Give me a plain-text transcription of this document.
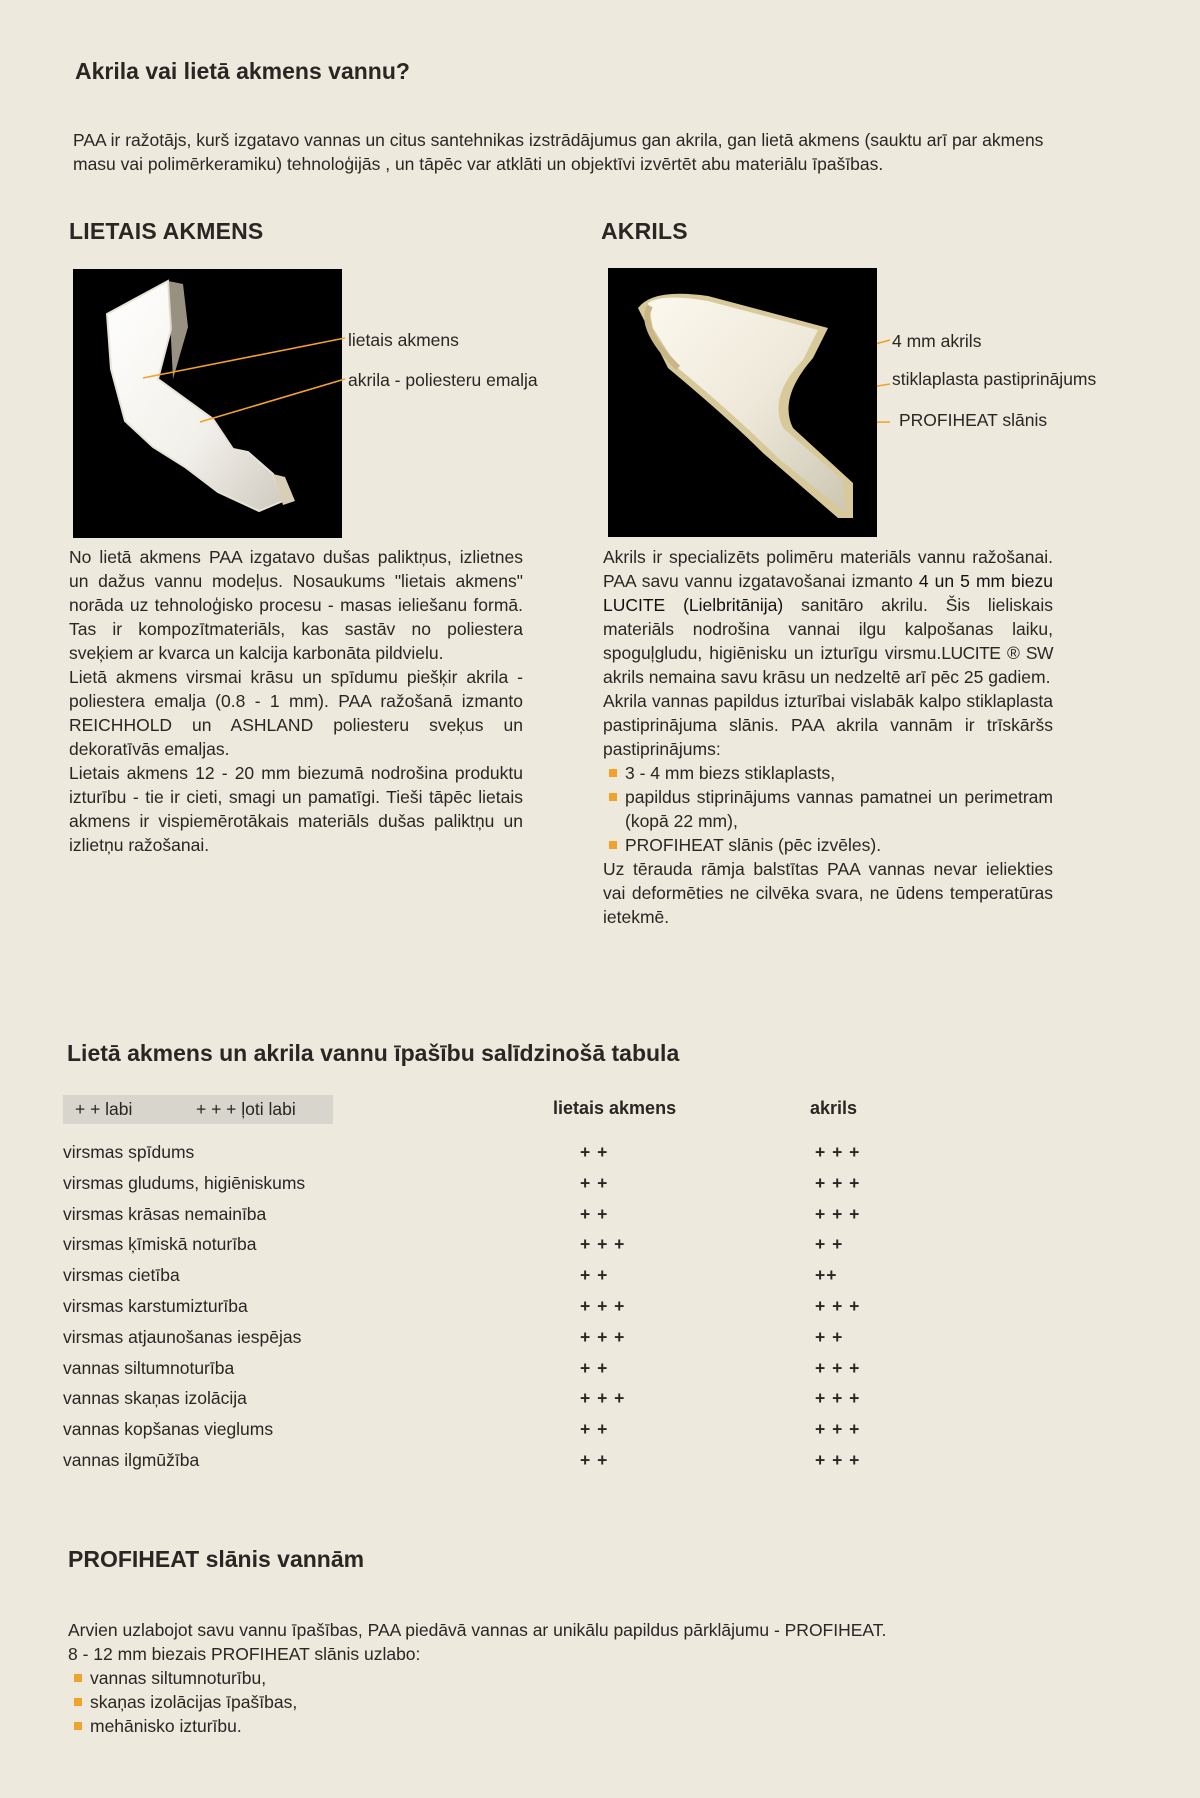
Akrila vai lietā akmens vannu?

PAA ir ražotājs, kurš izgatavo vannas un citus santehnikas izstrādājumus gan akrila, gan lietā akmens (sauktu arī par akmens masu vai polimērkeramiku) tehnoloģijās , un tāpēc var atklāti un objektīvi izvērtēt abu materiālu īpašības.

LIETAIS AKMENS
lietais akmens
akrila - poliesteru emalja

No lietā akmens PAA izgatavo dušas paliktņus, izlietnes un dažus vannu modeļus. Nosaukums "lietais akmens" norāda uz tehnoloģisko procesu - masas ieliešanu formā. Tas ir kompozītmateriāls, kas sastāv no poliestera sveķiem ar kvarca un kalcija karbonāta pildvielu.

Lietā akmens virsmai krāsu un spīdumu piešķir akrila - poliestera emalja (0.8 - 1 mm). PAA ražošanā izmanto REICHHOLD un ASHLAND poliesteru sveķus un dekoratīvās emaljas.

Lietais akmens 12 - 20 mm biezumā nodrošina produktu izturību - tie ir cieti, smagi un pamatīgi. Tieši tāpēc lietais akmens ir vispiemērotākais materiāls dušas paliktņu un izlietņu ražošanai.

AKRILS
4 mm akrils
stiklaplasta pastiprinājums
PROFIHEAT slānis

Akrils ir specializēts polimēru materiāls vannu ražošanai. PAA savu vannu izgatavošanai izmanto 4 un 5 mm biezu LUCITE (Lielbritānija) sanitāro akrilu. Šis lieliskais materiāls nodrošina vannai ilgu kalpošanas laiku, spoguļgludu, higiēnisku un izturīgu virsmu.LUCITE ® SW akrils nemaina savu krāsu un nedzeltē arī pēc 25 gadiem.

Akrila vannas papildus izturībai vislabāk kalpo stiklaplasta pastiprinājuma slānis. PAA akrila vannām ir trīskāršs pastiprinājums:

3 - 4 mm biezs stiklaplasts,
papildus stiprinājums vannas pamatnei un perimetram (kopā 22 mm),
PROFIHEAT slānis (pēc izvēles).

Uz tērauda rāmja balstītas PAA vannas nevar ieliekties vai deformēties ne cilvēka svara, ne ūdens temperatūras ietekmē.

Lietā akmens un akrila vannu īpašību salīdzinošā tabula
+ + labi	+ + + ļoti labi	lietais akmens	akrils
virsmas spīdums	+ +	+ + +
virsmas gludums, higiēniskums	+ +	+ + +
virsmas krāsas nemainība	+ +	+ + +
virsmas ķīmiskā noturība	+ + +	+ +
virsmas cietība	+ +	++
virsmas karstumizturība	+ + +	+ + +
virsmas atjaunošanas iespējas	+ + +	+ +
vannas siltumnoturība	+ +	+ + +
vannas skaņas izolācija	+ + +	+ + +
vannas kopšanas vieglums	+ +	+ + +
vannas ilgmūžība	+ +	+ + +
PROFIHEAT slānis vannām

Arvien uzlabojot savu vannu īpašības, PAA piedāvā vannas ar unikālu papildus pārklājumu - PROFIHEAT.

8 - 12 mm biezais PROFIHEAT slānis uzlabo:

vannas siltumnoturību,
skaņas izolācijas īpašības,
mehānisko izturību.
